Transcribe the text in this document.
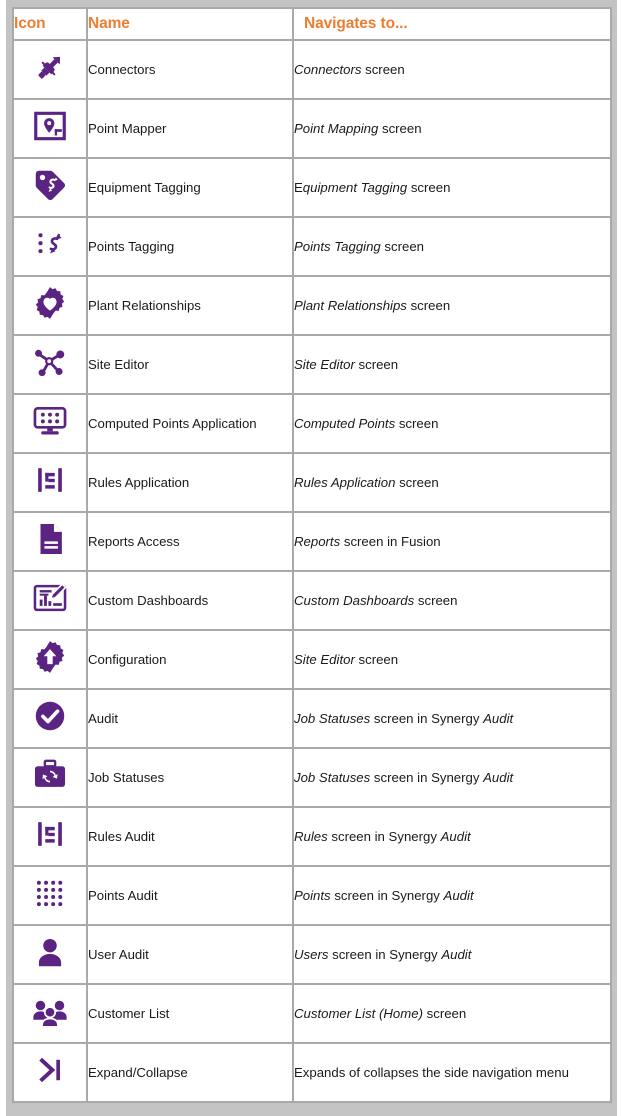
Icon	Name	Navigates to...

	Connectors	Connectors screen

	Point Mapper	Point Mapping screen

	Equipment Tagging	Equipment Tagging screen

	Points Tagging	Points Tagging screen

	Plant Relationships	Plant Relationships screen

	Site Editor	Site Editor screen

	Computed Points Application	Computed Points screen

	Rules Application	Rules Application screen

	Reports Access	Reports screen in Fusion

	Custom Dashboards	Custom Dashboards screen

	Configuration	Site Editor screen

	Audit	Job Statuses screen in Synergy Audit

	Job Statuses	Job Statuses screen in Synergy Audit

	Rules Audit	Rules screen in Synergy Audit

	Points Audit	Points screen in Synergy Audit

	User Audit	Users screen in Synergy Audit

	Customer List	Customer List (Home) screen

	Expand/Collapse	Expands of collapses the side navigation menu
